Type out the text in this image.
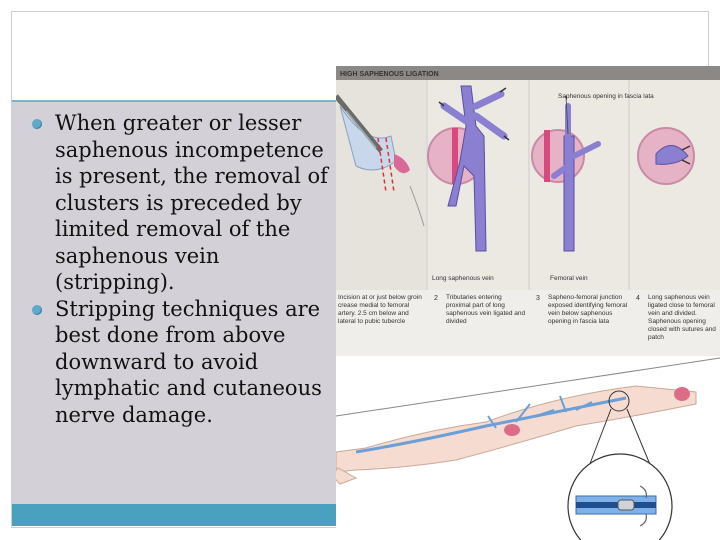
When greater or lesser saphenous incompetence is present, the removal of clusters is preceded by limited removal of the saphenous vein (stripping).
Stripping techniques are best done from above downward to avoid lymphatic and cutaneous nerve damage.
HIGH SAPHENOUS LIGATION
Saphenous opening in fascia lata
Long saphenous vein	Femoral vein
Incision at or just below groin crease medial to femoral artery. 2.5 cm below and lateral to pubic tubercle
2 Tributaries entering proximal part of long saphenous vein ligated and divided
3 Sapheno-femoral junction exposed identifying femoral vein below saphenous opening in fascia lata
4 Long saphenous vein ligated close to femoral vein and divided. Saphenous opening closed with sutures and patch
